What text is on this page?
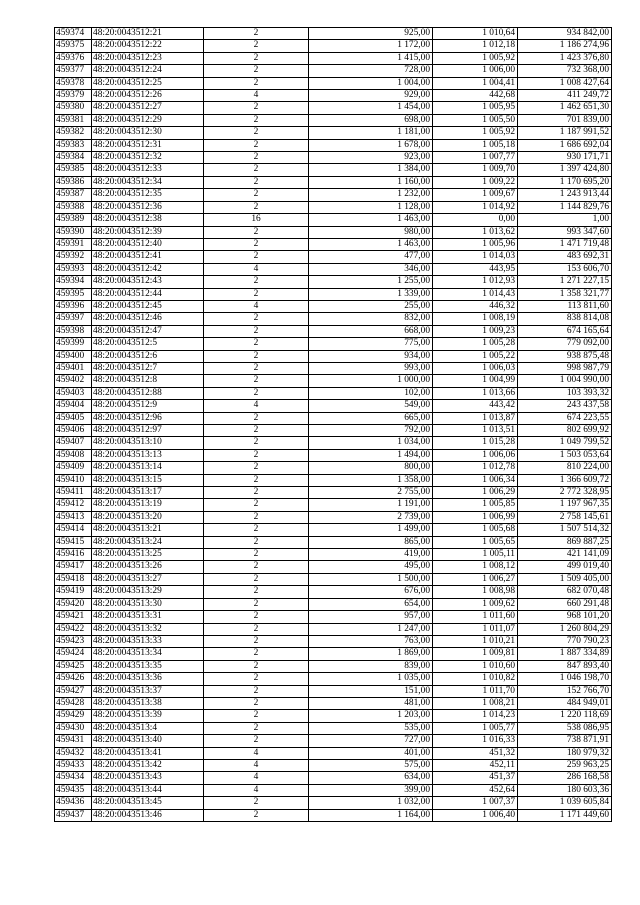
459374	48:20:0043512:21	2	925,00	1 010,64	934 842,00
459375	48:20:0043512:22	2	1 172,00	1 012,18	1 186 274,96
459376	48:20:0043512:23	2	1 415,00	1 005,92	1 423 376,80
459377	48:20:0043512:24	2	728,00	1 006,00	732 368,00
459378	48:20:0043512:25	2	1 004,00	1 004,41	1 008 427,64
459379	48:20:0043512:26	4	929,00	442,68	411 249,72
459380	48:20:0043512:27	2	1 454,00	1 005,95	1 462 651,30
459381	48:20:0043512:29	2	698,00	1 005,50	701 839,00
459382	48:20:0043512:30	2	1 181,00	1 005,92	1 187 991,52
459383	48:20:0043512:31	2	1 678,00	1 005,18	1 686 692,04
459384	48:20:0043512:32	2	923,00	1 007,77	930 171,71
459385	48:20:0043512:33	2	1 384,00	1 009,70	1 397 424,80
459386	48:20:0043512:34	2	1 160,00	1 009,22	1 170 695,20
459387	48:20:0043512:35	2	1 232,00	1 009,67	1 243 913,44
459388	48:20:0043512:36	2	1 128,00	1 014,92	1 144 829,76
459389	48:20:0043512:38	16	1 463,00	0,00	1,00
459390	48:20:0043512:39	2	980,00	1 013,62	993 347,60
459391	48:20:0043512:40	2	1 463,00	1 005,96	1 471 719,48
459392	48:20:0043512:41	2	477,00	1 014,03	483 692,31
459393	48:20:0043512:42	4	346,00	443,95	153 606,70
459394	48:20:0043512:43	2	1 255,00	1 012,93	1 271 227,15
459395	48:20:0043512:44	2	1 339,00	1 014,43	1 358 321,77
459396	48:20:0043512:45	4	255,00	446,32	113 811,60
459397	48:20:0043512:46	2	832,00	1 008,19	838 814,08
459398	48:20:0043512:47	2	668,00	1 009,23	674 165,64
459399	48:20:0043512:5	2	775,00	1 005,28	779 092,00
459400	48:20:0043512:6	2	934,00	1 005,22	938 875,48
459401	48:20:0043512:7	2	993,00	1 006,03	998 987,79
459402	48:20:0043512:8	2	1 000,00	1 004,99	1 004 990,00
459403	48:20:0043512:88	2	102,00	1 013,66	103 393,32
459404	48:20:0043512:9	4	549,00	443,42	243 437,58
459405	48:20:0043512:96	2	665,00	1 013,87	674 223,55
459406	48:20:0043512:97	2	792,00	1 013,51	802 699,92
459407	48:20:0043513:10	2	1 034,00	1 015,28	1 049 799,52
459408	48:20:0043513:13	2	1 494,00	1 006,06	1 503 053,64
459409	48:20:0043513:14	2	800,00	1 012,78	810 224,00
459410	48:20:0043513:15	2	1 358,00	1 006,34	1 366 609,72
459411	48:20:0043513:17	2	2 755,00	1 006,29	2 772 328,95
459412	48:20:0043513:19	2	1 191,00	1 005,85	1 197 967,35
459413	48:20:0043513:20	2	2 739,00	1 006,99	2 758 145,61
459414	48:20:0043513:21	2	1 499,00	1 005,68	1 507 514,32
459415	48:20:0043513:24	2	865,00	1 005,65	869 887,25
459416	48:20:0043513:25	2	419,00	1 005,11	421 141,09
459417	48:20:0043513:26	2	495,00	1 008,12	499 019,40
459418	48:20:0043513:27	2	1 500,00	1 006,27	1 509 405,00
459419	48:20:0043513:29	2	676,00	1 008,98	682 070,48
459420	48:20:0043513:30	2	654,00	1 009,62	660 291,48
459421	48:20:0043513:31	2	957,00	1 011,60	968 101,20
459422	48:20:0043513:32	2	1 247,00	1 011,07	1 260 804,29
459423	48:20:0043513:33	2	763,00	1 010,21	770 790,23
459424	48:20:0043513:34	2	1 869,00	1 009,81	1 887 334,89
459425	48:20:0043513:35	2	839,00	1 010,60	847 893,40
459426	48:20:0043513:36	2	1 035,00	1 010,82	1 046 198,70
459427	48:20:0043513:37	2	151,00	1 011,70	152 766,70
459428	48:20:0043513:38	2	481,00	1 008,21	484 949,01
459429	48:20:0043513:39	2	1 203,00	1 014,23	1 220 118,69
459430	48:20:0043513:4	2	535,00	1 005,77	538 086,95
459431	48:20:0043513:40	2	727,00	1 016,33	738 871,91
459432	48:20:0043513:41	4	401,00	451,32	180 979,32
459433	48:20:0043513:42	4	575,00	452,11	259 963,25
459434	48:20:0043513:43	4	634,00	451,37	286 168,58
459435	48:20:0043513:44	4	399,00	452,64	180 603,36
459436	48:20:0043513:45	2	1 032,00	1 007,37	1 039 605,84
459437	48:20:0043513:46	2	1 164,00	1 006,40	1 171 449,60
